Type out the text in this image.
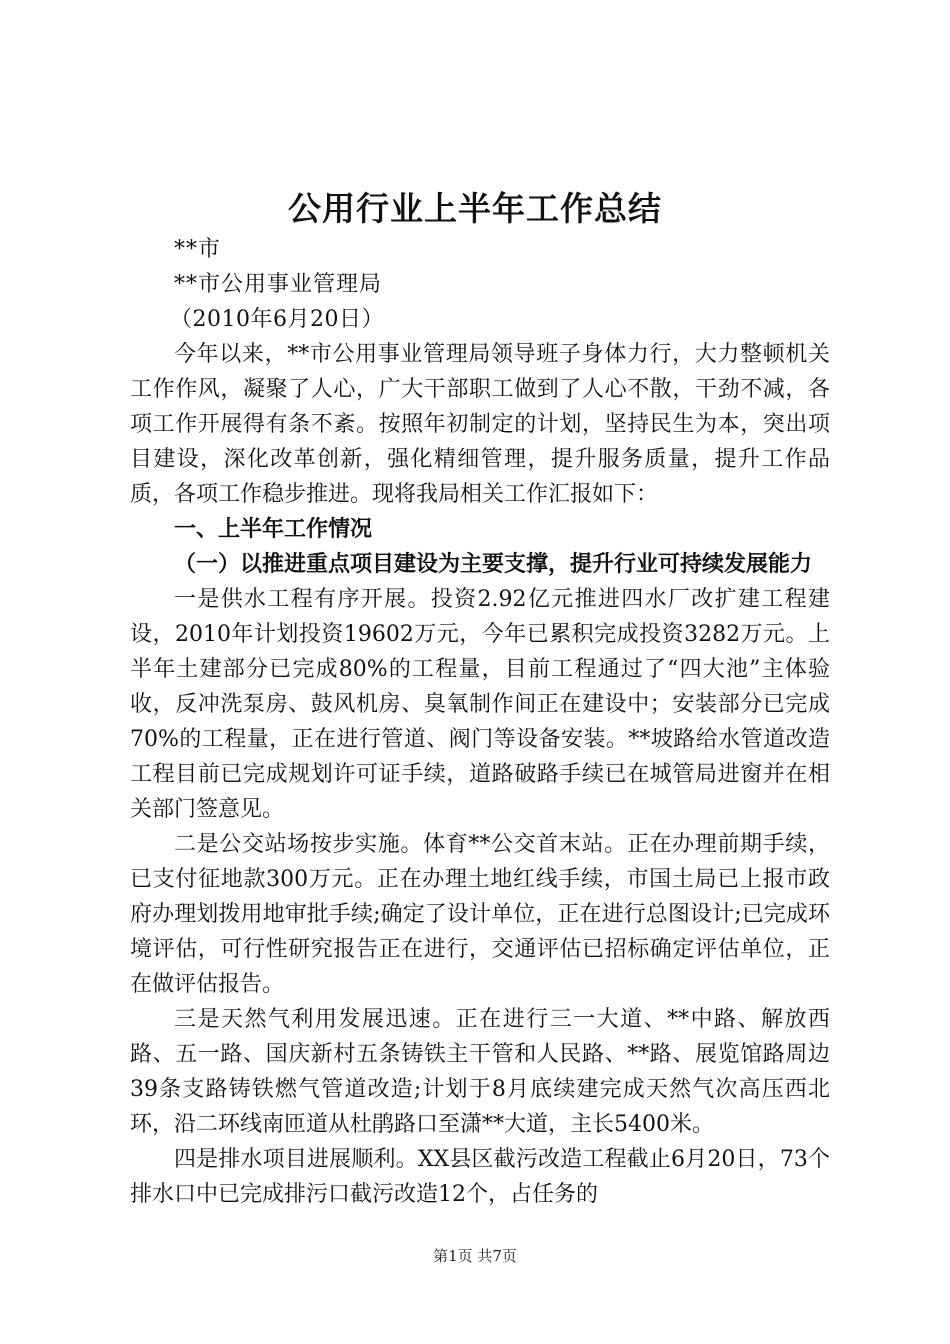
公用行业上半年工作总结

**市

**市公用事业管理局

（2010年6月20日）

今年以来，**市公用事业管理局领导班子身体力行，大力整顿机关工作作风，凝聚了人心，广大干部职工做到了人心不散，干劲不减，各项工作开展得有条不紊。按照年初制定的计划，坚持民生为本，突出项目建设，深化改革创新，强化精细管理，提升服务质量，提升工作品质，各项工作稳步推进。现将我局相关工作汇报如下：

一、上半年工作情况

（一）以推进重点项目建设为主要支撑，提升行业可持续发展能力

一是供水工程有序开展。投资2.92亿元推进四水厂改扩建工程建设，2010年计划投资19602万元，今年已累积完成投资3282万元。上半年土建部分已完成80%的工程量，目前工程通过了“四大池”主体验收，反冲洗泵房、鼓风机房、臭氧制作间正在建设中；安装部分已完成70%的工程量，正在进行管道、阀门等设备安装。**坡路给水管道改造工程目前已完成规划许可证手续，道路破路手续已在城管局进窗并在相关部门签意见。

二是公交站场按步实施。体育**公交首末站。正在办理前期手续，已支付征地款300万元。正在办理土地红线手续，市国土局已上报市政府办理划拨用地审批手续;确定了设计单位，正在进行总图设计;已完成环境评估，可行性研究报告正在进行，交通评估已招标确定评估单位，正在做评估报告。

三是天然气利用发展迅速。正在进行三一大道、**中路、解放西路、五一路、国庆新村五条铸铁主干管和人民路、**路、展览馆路周边39条支路铸铁燃气管道改造;计划于8月底续建完成天然气次高压西北环，沿二环线南匝道从杜鹃路口至潇**大道，主长5400米。

四是排水项目进展顺利。XX县区截污改造工程截止6月20日，73个排水口中已完成排污口截污改造12个，占任务的

第1页 共7页
